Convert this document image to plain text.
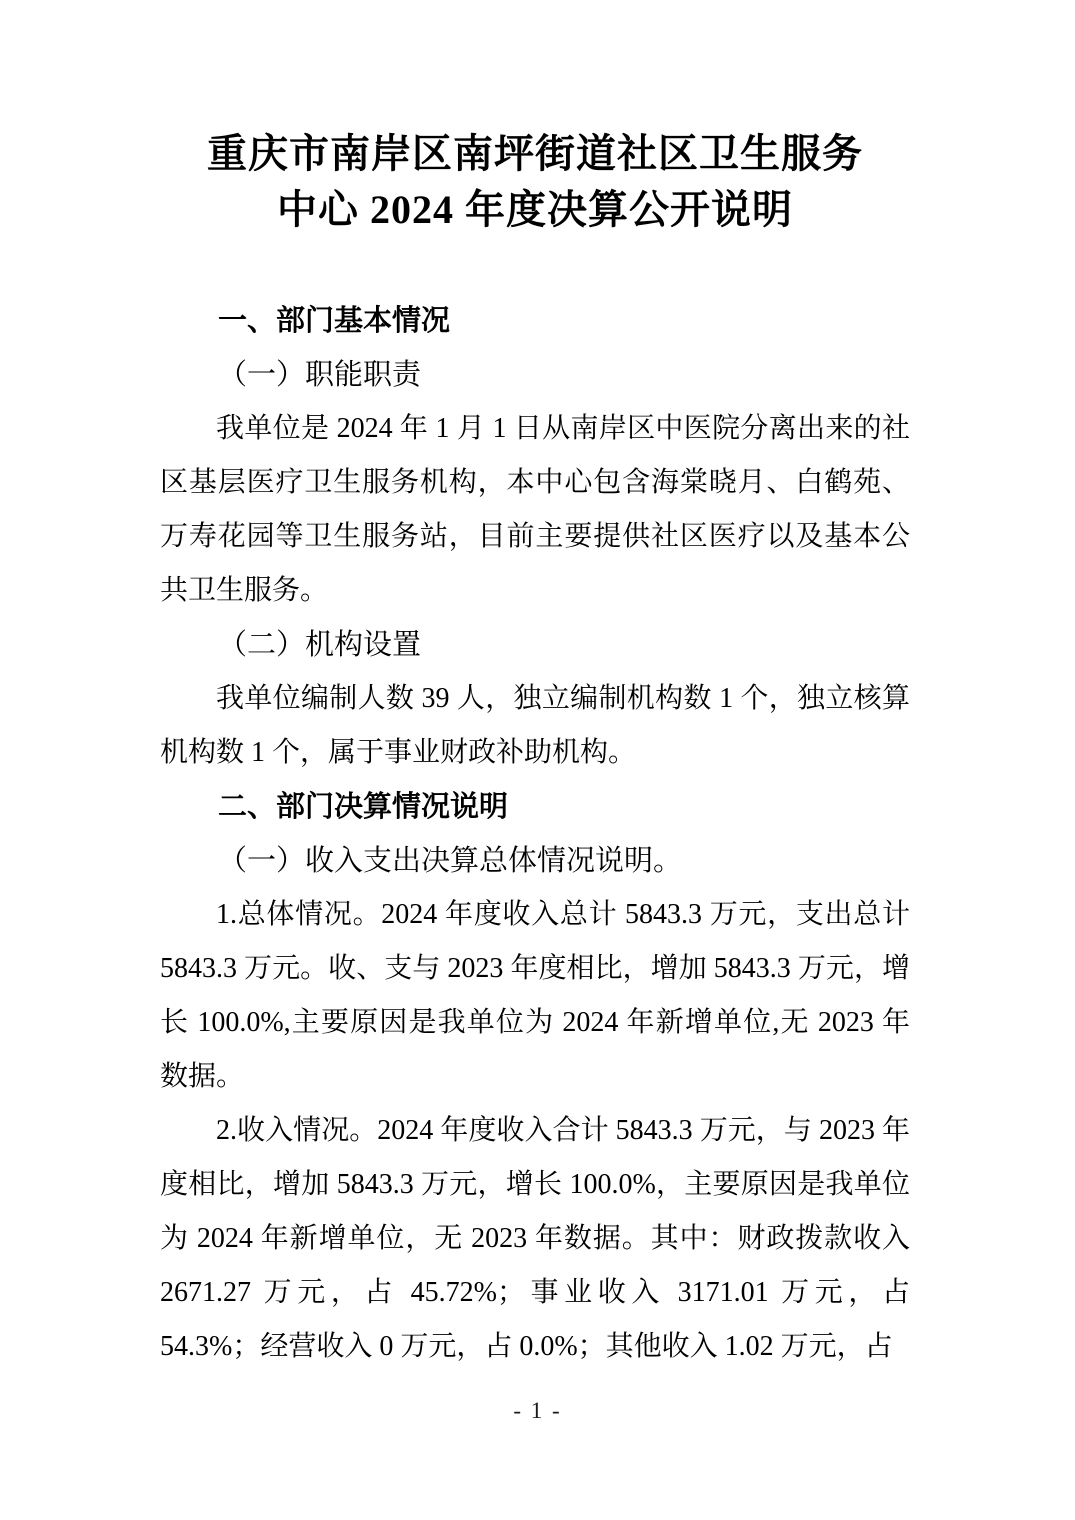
重庆市南岸区南坪街道社区卫生服务
中心 2024 年度决算公开说明
一、部门基本情况
（一）职能职责

我单位是 2024 年 1 月 1 日从南岸区中医院分离出来的社区基层医疗卫生服务机构，本中心包含海棠晓月、白鹤苑、万寿花园等卫生服务站，目前主要提供社区医疗以及基本公共卫生服务。

（二）机构设置

我单位编制人数 39 人，独立编制机构数 1 个，独立核算机构数 1 个，属于事业财政补助机构。

二、部门决算情况说明
（一）收入支出决算总体情况说明。

1.总体情况。2024 年度收入总计 5843.3 万元，支出总计 5843.3 万元。收、支与 2023 年度相比，增加 5843.3 万元，增长 100.0%,主要原因是我单位为 2024 年新增单位,无 2023 年数据。

2.收入情况。2024 年度收入合计 5843.3 万元，与 2023 年度相比，增加 5843.3 万元，增长 100.0%，主要原因是我单位为 2024 年新增单位，无 2023 年数据。其中：财政拨款收入 2671.27 万元，占 45.72%；事业收入 3171.01 万元，占 54.3%；经营收入 0 万元，占 0.0%；其他收入 1.02 万元，占

- 1 -
